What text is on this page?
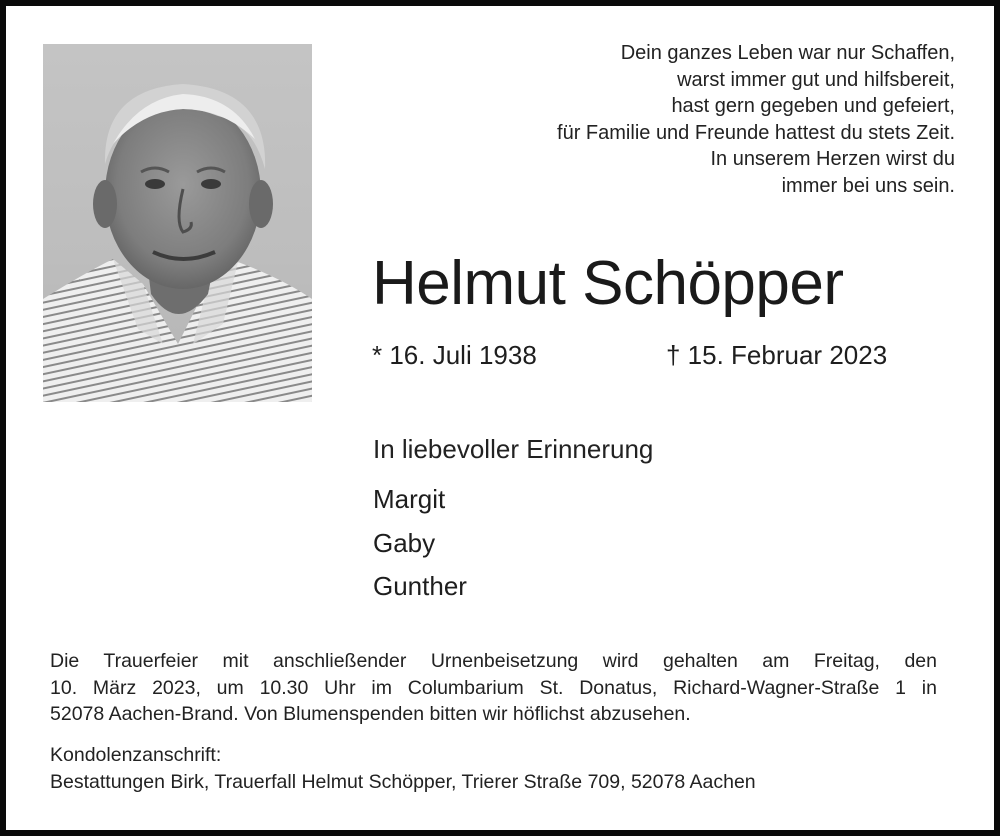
Dein ganzes Leben war nur Schaffen,
warst immer gut und hilfsbereit,
hast gern gegeben und gefeiert,
für Familie und Freunde hattest du stets Zeit.
In unserem Herzen wirst du
immer bei uns sein.
Helmut Schöpper
* 16. Juli 1938	† 15. Februar 2023
In liebevoller Erinnerung
Margit
Gaby
Gunther
Die Trauerfeier mit anschließender Urnenbeisetzung wird gehalten am Freitag, den
10. März 2023, um 10.30 Uhr im Columbarium St. Donatus, Richard-Wagner-Straße 1 in
52078 Aachen-Brand. Von Blumenspenden bitten wir höflichst abzusehen.
Kondolenzanschrift:
Bestattungen Birk, Trauerfall Helmut Schöpper, Trierer Straße 709, 52078 Aachen
